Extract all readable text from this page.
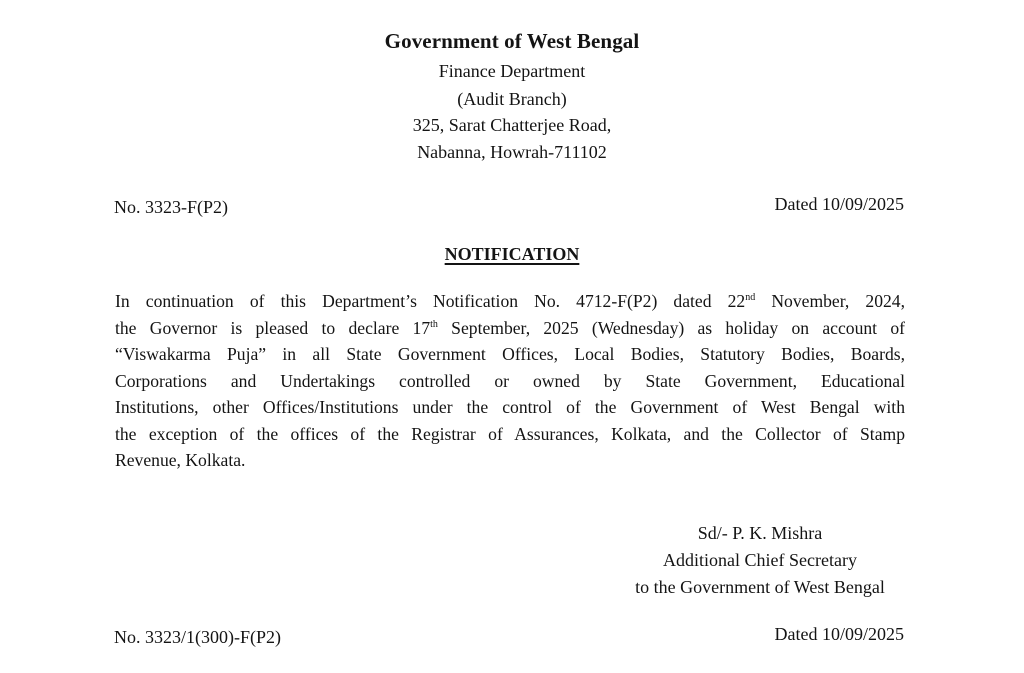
Government of West Bengal
Finance Department
(Audit Branch)
325, Sarat Chatterjee Road,
Nabanna, Howrah-711102
No. 3323-F(P2)	Dated 10/09/2025
NOTIFICATION
In continuation of this Department’s Notification No. 4712-F(P2) dated 22nd November, 2024,
the Governor is pleased to declare 17th September, 2025 (Wednesday) as holiday on account of
“Viswakarma Puja” in all State Government Offices, Local Bodies, Statutory Bodies, Boards,
Corporations and Undertakings controlled or owned by State Government, Educational
Institutions, other Offices/Institutions under the control of the Government of West Bengal with
the exception of the offices of the Registrar of Assurances, Kolkata, and the Collector of Stamp
Revenue, Kolkata.
Sd/- P. K. Mishra
Additional Chief Secretary
to the Government of West Bengal
No. 3323/1(300)-F(P2)	Dated 10/09/2025
